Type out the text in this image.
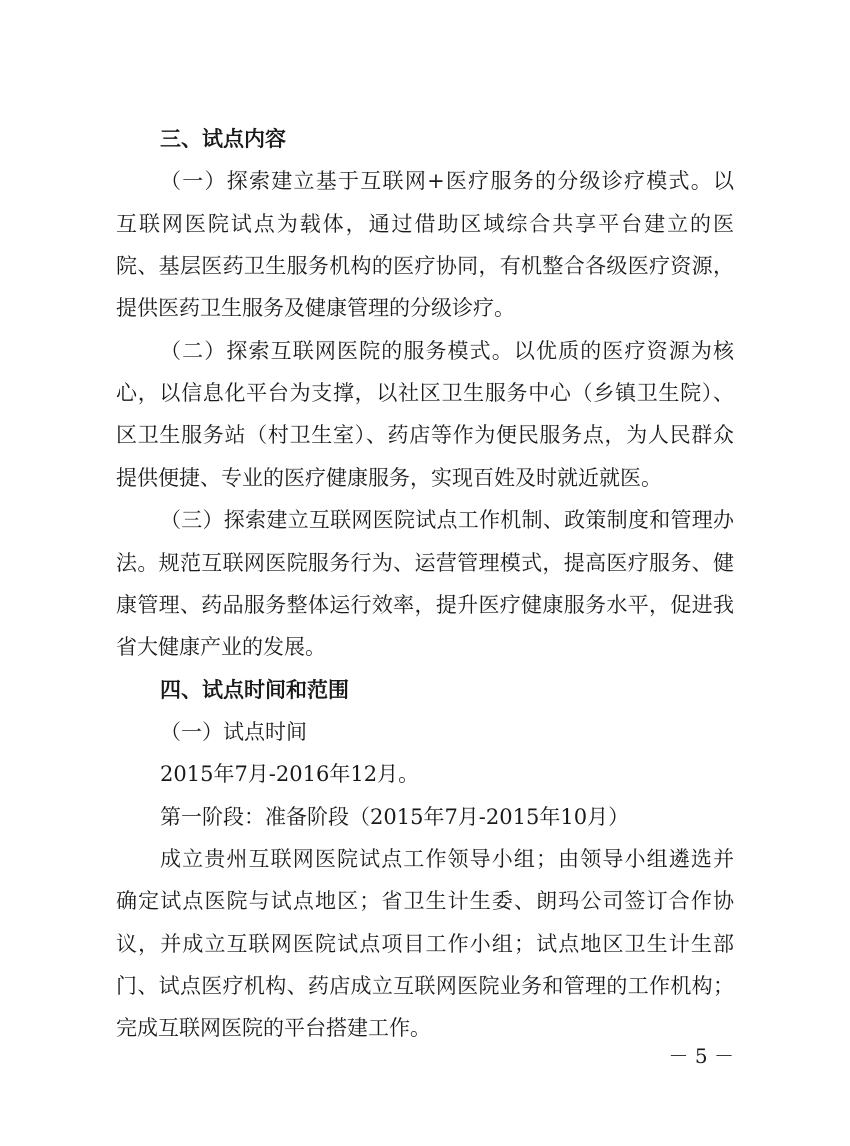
三、试点内容
（一）探索建立基于互联网+医疗服务的分级诊疗模式。以
互联网医院试点为载体，通过借助区域综合共享平台建立的医
院、基层医药卫生服务机构的医疗协同，有机整合各级医疗资源，
提供医药卫生服务及健康管理的分级诊疗。
（二）探索互联网医院的服务模式。以优质的医疗资源为核
心，以信息化平台为支撑，以社区卫生服务中心（乡镇卫生院）、
区卫生服务站（村卫生室）、药店等作为便民服务点，为人民群众
提供便捷、专业的医疗健康服务，实现百姓及时就近就医。
（三）探索建立互联网医院试点工作机制、政策制度和管理办
法。规范互联网医院服务行为、运营管理模式，提高医疗服务、健
康管理、药品服务整体运行效率，提升医疗健康服务水平，促进我
省大健康产业的发展。
四、试点时间和范围
（一）试点时间
2015年7月-2016年12月。
第一阶段：准备阶段（2015年7月-2015年10月）
成立贵州互联网医院试点工作领导小组；由领导小组遴选并
确定试点医院与试点地区；省卫生计生委、朗玛公司签订合作协
议，并成立互联网医院试点项目工作小组；试点地区卫生计生部
门、试点医疗机构、药店成立互联网医院业务和管理的工作机构；
完成互联网医院的平台搭建工作。
－ 5 －
